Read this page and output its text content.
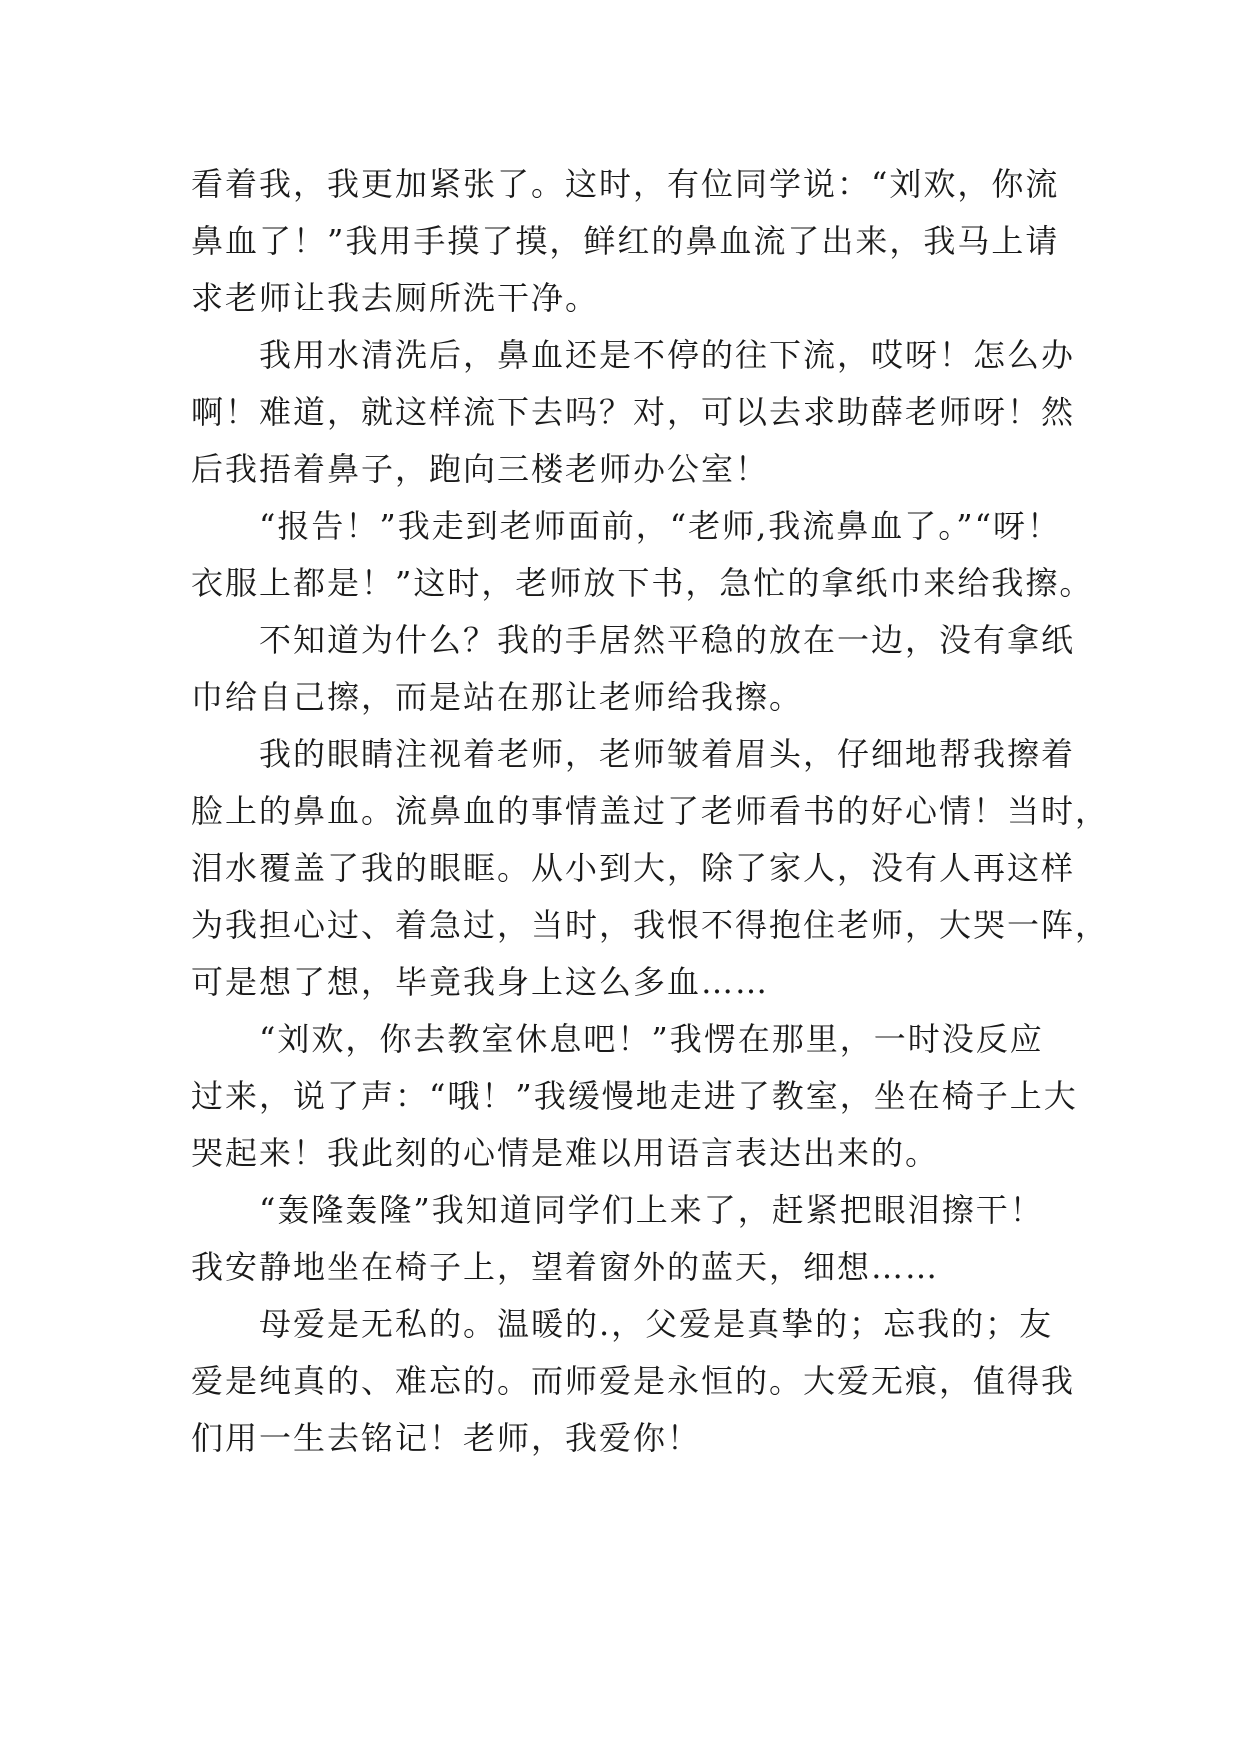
看着我，我更加紧张了。这时，有位同学说：“刘欢，你流
鼻血了！”我用手摸了摸，鲜红的鼻血流了出来，我马上请
求老师让我去厕所洗干净。

　　我用水清洗后，鼻血还是不停的往下流，哎呀！怎么办
啊！难道，就这样流下去吗？对，可以去求助薛老师呀！然
后我捂着鼻子，跑向三楼老师办公室！

　　“报告！”我走到老师面前，“老师,我流鼻血了。”“呀！
衣服上都是！”这时，老师放下书，急忙的拿纸巾来给我擦。

　　不知道为什么？我的手居然平稳的放在一边，没有拿纸
巾给自己擦，而是站在那让老师给我擦。

　　我的眼睛注视着老师，老师皱着眉头，仔细地帮我擦着
脸上的鼻血。流鼻血的事情盖过了老师看书的好心情！当时，
泪水覆盖了我的眼眶。从小到大，除了家人，没有人再这样
为我担心过、着急过，当时，我恨不得抱住老师，大哭一阵，
可是想了想，毕竟我身上这么多血……

　　“刘欢，你去教室休息吧！”我愣在那里，一时没反应
过来，说了声：“哦！”我缓慢地走进了教室，坐在椅子上大
哭起来！我此刻的心情是难以用语言表达出来的。

　　“轰隆轰隆”我知道同学们上来了，赶紧把眼泪擦干！
我安静地坐在椅子上，望着窗外的蓝天，细想……

　　母爱是无私的。温暖的.，父爱是真挚的；忘我的；友
爱是纯真的、难忘的。而师爱是永恒的。大爱无痕，值得我
们用一生去铭记！老师，我爱你！
